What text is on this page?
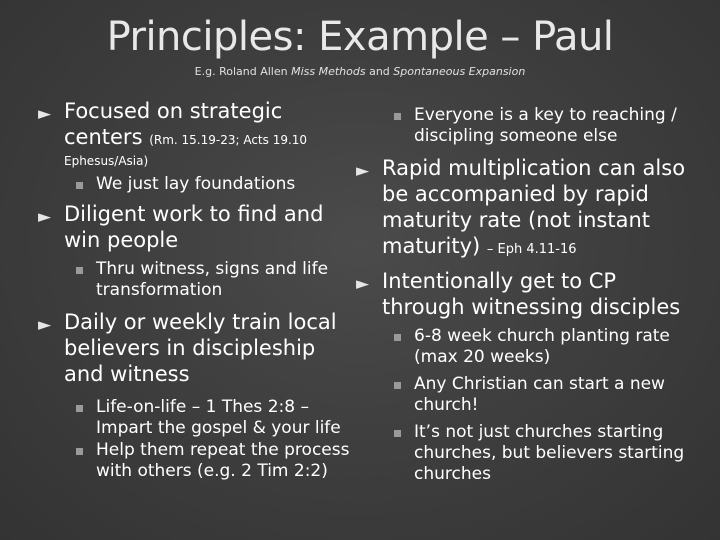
Principles: Example – Paul
E.g. Roland Allen Miss Methods and Spontaneous Expansion
► Focused on strategic centers (Rm. 15.19-23; Acts 19.10
Ephesus/Asia)
We just lay foundations
► Diligent work to find and win people
Thru witness, signs and life transformation
► Daily or weekly train local believers in discipleship and witness
Life-on-life – 1 Thes 2:8 – Impart the gospel & your life
Help them repeat the process with others (e.g. 2 Tim 2:2)
Everyone is a key to reaching / discipling someone else
► Rapid multiplication can also be accompanied by rapid maturity rate (not instant maturity) – Eph 4.11-16
► Intentionally get to CP through witnessing disciples
6-8 week church planting rate (max 20 weeks)
Any Christian can start a new church!
It’s not just churches starting churches, but believers starting churches
